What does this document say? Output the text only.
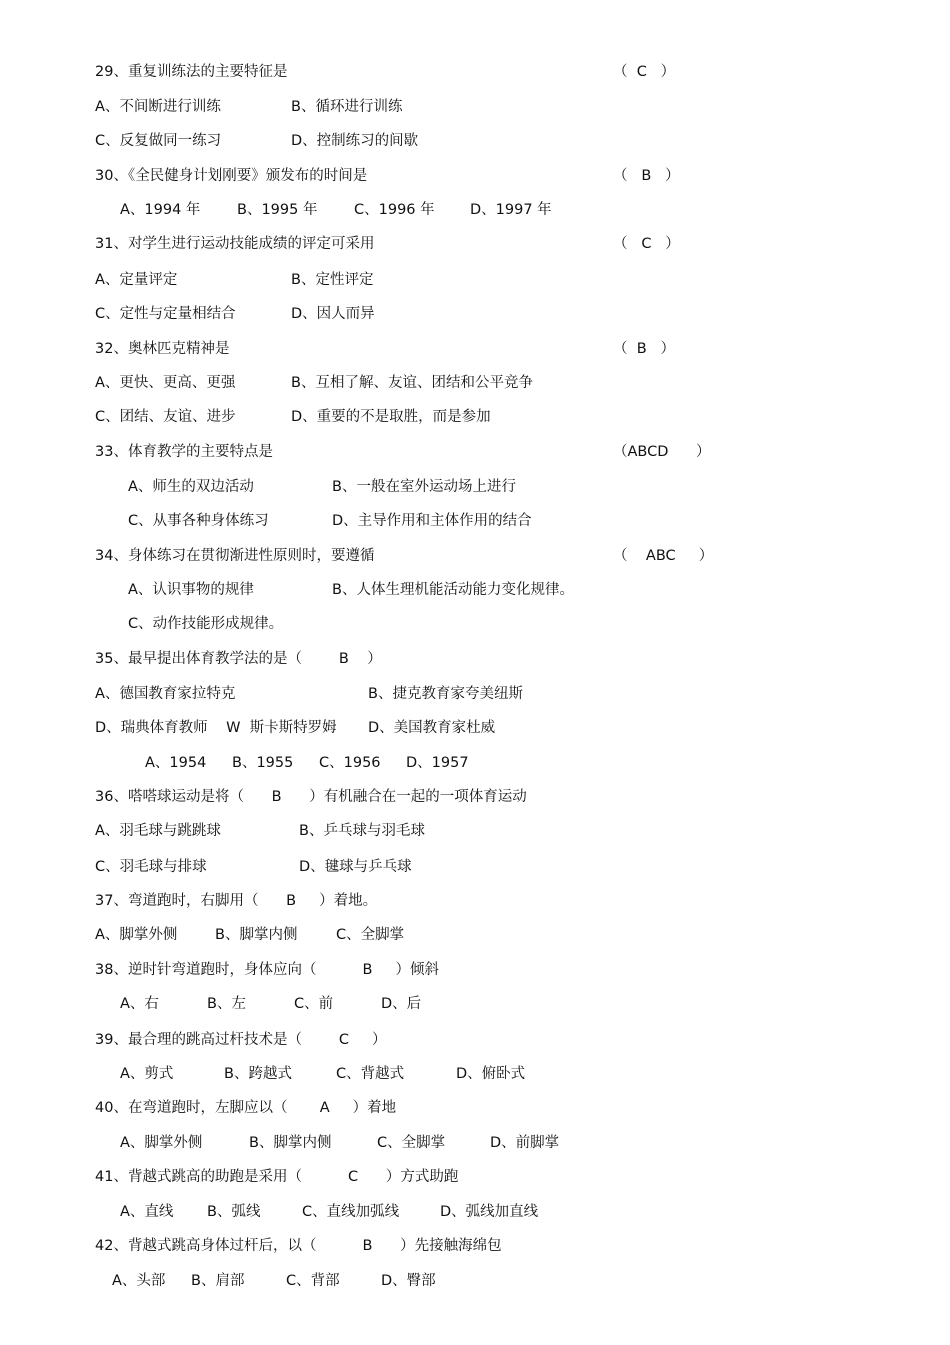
29、重复训练法的主要特征是	（  C   ）
A、不间断进行训练	B、循环进行训练
C、反复做同一练习	D、控制练习的间歇
30、《全民健身计划刚要》颁发布的时间是	（   B   ）
A、1994 年	B、1995 年	C、1996 年 D、1997 年
31、对学生进行运动技能成绩的评定可采用	（   C   ）
A、定量评定	B、定性评定
C、定性与定量相结合	D、因人而异
32、奥林匹克精神是	（  B   ）
A、更快、更高、更强	B、互相了解、友谊、团结和公平竞争
C、团结、友谊、进步	D、重要的不是取胜，而是参加
33、体育教学的主要特点是	（ABCD      ）
A、师生的双边活动	B、一般在室外运动场上进行
C、从事各种身体练习	D、主导作用和主体作用的结合
34、身体练习在贯彻渐进性原则时，要遵循	（    ABC     ）
A、认识事物的规律	B、人体生理机能活动能力变化规律。
C、动作技能形成规律。
35、最早提出体育教学法的是（        B    ）
A、德国教育家拉特克	B、捷克教育家夸美纽斯
D、瑞典体育教师    W  斯卡斯特罗姆 D、美国教育家杜威
A、1954 B、1955 C、1956 D、1957
36、嗒嗒球运动是将（      B      ）有机融合在一起的一项体育运动
A、羽毛球与跳跳球	B、乒乓球与羽毛球
C、羽毛球与排球	D、毽球与乒乓球
37、弯道跑时，右脚用（      B     ）着地。
A、脚掌外侧	B、脚掌内侧	C、全脚掌
38、逆时针弯道跑时，身体应向（          B     ）倾斜
A、右	B、左	C、前	D、后
39、最合理的跳高过杆技术是（        C     ）
A、剪式	B、跨越式	C、背越式	D、俯卧式
40、在弯道跑时，左脚应以（       A     ）着地
A、脚掌外侧	B、脚掌内侧	C、全脚掌	D、前脚掌
41、背越式跳高的助跑是采用（          C      ）方式助跑
A、直线 B、弧线	C、直线加弧线	D、弧线加直线
42、背越式跳高身体过杆后，以（          B      ）先接触海绵包
A、头部 B、肩部	C、背部	D、臀部
